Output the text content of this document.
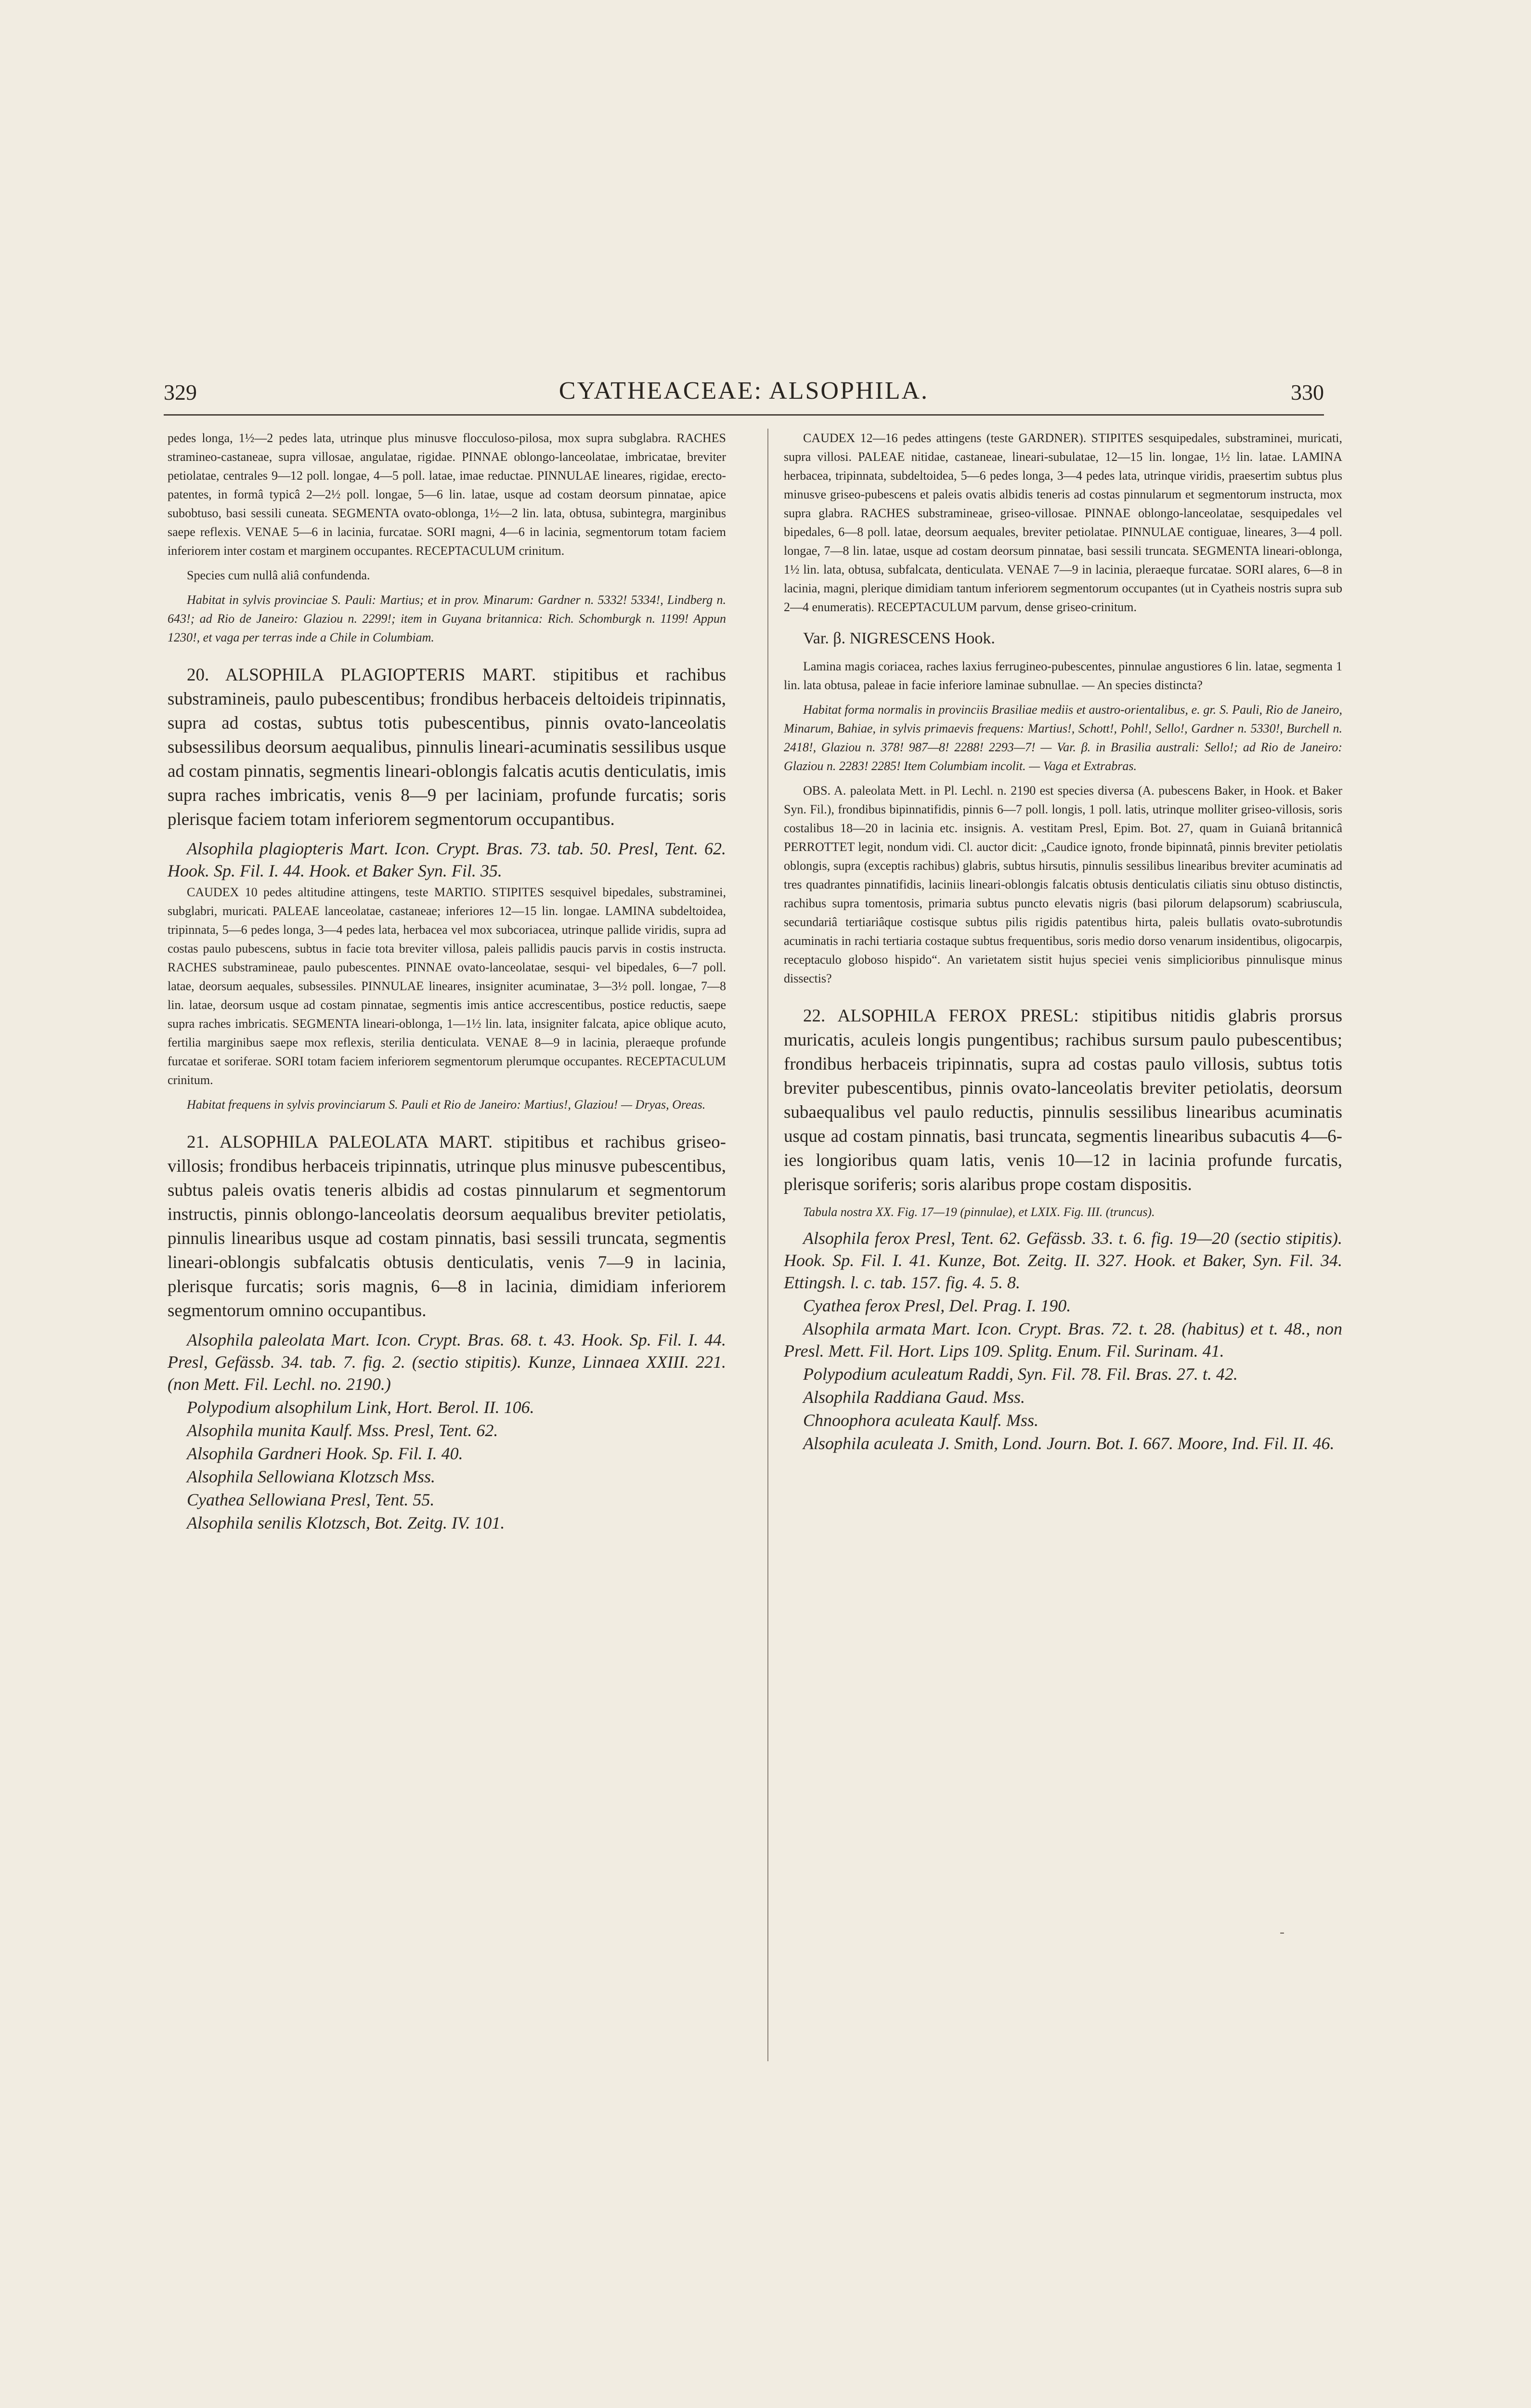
329	CYATHEACEAE: ALSOPHILA.	330

pedes longa, 1½—2 pedes lata, utrinque plus minusve flocculoso-pilosa, mox supra subglabra. RACHES stramineo-castaneae, supra villosae, angulatae, rigidae. PINNAE oblongo-lanceolatae, imbricatae, breviter petiolatae, centrales 9—12 poll. longae, 4—5 poll. latae, imae reductae. PINNULAE lineares, rigidae, erecto-patentes, in formâ typicâ 2—2½ poll. longae, 5—6 lin. latae, usque ad costam deorsum pinnatae, apice subobtuso, basi sessili cuneata. SEGMENTA ovato-oblonga, 1½—2 lin. lata, obtusa, subintegra, marginibus saepe reflexis. VENAE 5—6 in lacinia, furcatae. SORI magni, 4—6 in lacinia, segmentorum totam faciem inferiorem inter costam et marginem occupantes. RECEPTACULUM crinitum.

Species cum nullâ aliâ confundenda.

Habitat in sylvis provinciae S. Pauli: Martius; et in prov. Minarum: Gardner n. 5332! 5334!, Lindberg n. 643!; ad Rio de Janeiro: Glaziou n. 2299!; item in Guyana britannica: Rich. Schomburgk n. 1199! Appun 1230!, et vaga per terras inde a Chile in Columbiam.

20. ALSOPHILA PLAGIOPTERIS MART. stipitibus et rachibus substramineis, paulo pubescentibus; frondibus herbaceis deltoideis tripinnatis, supra ad costas, subtus totis pubescentibus, pinnis ovato-lanceolatis subsessilibus deorsum aequalibus, pinnulis lineari-acuminatis sessilibus usque ad costam pinnatis, segmentis lineari-oblongis falcatis acutis denticulatis, imis supra raches imbricatis, venis 8—9 per laciniam, profunde furcatis; soris plerisque faciem totam inferiorem segmentorum occupantibus.

Alsophila plagiopteris Mart. Icon. Crypt. Bras. 73. tab. 50. Presl, Tent. 62. Hook. Sp. Fil. I. 44. Hook. et Baker Syn. Fil. 35.

CAUDEX 10 pedes altitudine attingens, teste MARTIO. STIPITES sesquivel bipedales, substraminei, subglabri, muricati. PALEAE lanceolatae, castaneae; inferiores 12—15 lin. longae. LAMINA subdeltoidea, tripinnata, 5—6 pedes longa, 3—4 pedes lata, herbacea vel mox subcoriacea, utrinque pallide viridis, supra ad costas paulo pubescens, subtus in facie tota breviter villosa, paleis pallidis paucis parvis in costis instructa. RACHES substramineae, paulo pubescentes. PINNAE ovato-lanceolatae, sesqui- vel bipedales, 6—7 poll. latae, deorsum aequales, subsessiles. PINNULAE lineares, insigniter acuminatae, 3—3½ poll. longae, 7—8 lin. latae, deorsum usque ad costam pinnatae, segmentis imis antice accrescentibus, postice reductis, saepe supra raches imbricatis. SEGMENTA lineari-oblonga, 1—1½ lin. lata, insigniter falcata, apice oblique acuto, fertilia marginibus saepe mox reflexis, sterilia denticulata. VENAE 8—9 in lacinia, pleraeque profunde furcatae et soriferae. SORI totam faciem inferiorem segmentorum plerumque occupantes. RECEPTACULUM crinitum.

Habitat frequens in sylvis provinciarum S. Pauli et Rio de Janeiro: Martius!, Glaziou! — Dryas, Oreas.

21. ALSOPHILA PALEOLATA MART. stipitibus et rachibus griseo-villosis; frondibus herbaceis tripinnatis, utrinque plus minusve pubescentibus, subtus paleis ovatis teneris albidis ad costas pinnularum et segmentorum instructis, pinnis oblongo-lanceolatis deorsum aequalibus breviter petiolatis, pinnulis linearibus usque ad costam pinnatis, basi sessili truncata, segmentis lineari-oblongis subfalcatis obtusis denticulatis, venis 7—9 in lacinia, plerisque furcatis; soris magnis, 6—8 in lacinia, dimidiam inferiorem segmentorum omnino occupantibus.

Alsophila paleolata Mart. Icon. Crypt. Bras. 68. t. 43. Hook. Sp. Fil. I. 44. Presl, Gefässb. 34. tab. 7. fig. 2. (sectio stipitis). Kunze, Linnaea XXIII. 221. (non Mett. Fil. Lechl. no. 2190.)

Polypodium alsophilum Link, Hort. Berol. II. 106.

Alsophila munita Kaulf. Mss. Presl, Tent. 62.

Alsophila Gardneri Hook. Sp. Fil. I. 40.

Alsophila Sellowiana Klotzsch Mss.

Cyathea Sellowiana Presl, Tent. 55.

Alsophila senilis Klotzsch, Bot. Zeitg. IV. 101.

CAUDEX 12—16 pedes attingens (teste GARDNER). STIPITES sesquipedales, substraminei, muricati, supra villosi. PALEAE nitidae, castaneae, lineari-subulatae, 12—15 lin. longae, 1½ lin. latae. LAMINA herbacea, tripinnata, subdeltoidea, 5—6 pedes longa, 3—4 pedes lata, utrinque viridis, praesertim subtus plus minusve griseo-pubescens et paleis ovatis albidis teneris ad costas pinnularum et segmentorum instructa, mox supra glabra. RACHES substramineae, griseo-villosae. PINNAE oblongo-lanceolatae, sesquipedales vel bipedales, 6—8 poll. latae, deorsum aequales, breviter petiolatae. PINNULAE contiguae, lineares, 3—4 poll. longae, 7—8 lin. latae, usque ad costam deorsum pinnatae, basi sessili truncata. SEGMENTA lineari-oblonga, 1½ lin. lata, obtusa, subfalcata, denticulata. VENAE 7—9 in lacinia, pleraeque furcatae. SORI alares, 6—8 in lacinia, magni, plerique dimidiam tantum inferiorem segmentorum occupantes (ut in Cyatheis nostris supra sub 2—4 enumeratis). RECEPTACULUM parvum, dense griseo-crinitum.

Var. β. NIGRESCENS Hook.

Lamina magis coriacea, raches laxius ferrugineo-pubescentes, pinnulae angustiores 6 lin. latae, segmenta 1 lin. lata obtusa, paleae in facie inferiore laminae subnullae. — An species distincta?

Habitat forma normalis in provinciis Brasiliae mediis et austro-orientalibus, e. gr. S. Pauli, Rio de Janeiro, Minarum, Bahiae, in sylvis primaevis frequens: Martius!, Schott!, Pohl!, Sello!, Gardner n. 5330!, Burchell n. 2418!, Glaziou n. 378! 987—8! 2288! 2293—7! — Var. β. in Brasilia australi: Sello!; ad Rio de Janeiro: Glaziou n. 2283! 2285! Item Columbiam incolit. — Vaga et Extrabras.

OBS. A. paleolata Mett. in Pl. Lechl. n. 2190 est species diversa (A. pubescens Baker, in Hook. et Baker Syn. Fil.), frondibus bipinnatifidis, pinnis 6—7 poll. longis, 1 poll. latis, utrinque molliter griseo-villosis, soris costalibus 18—20 in lacinia etc. insignis. A. vestitam Presl, Epim. Bot. 27, quam in Guianâ britannicâ PERROTTET legit, nondum vidi. Cl. auctor dicit: „Caudice ignoto, fronde bipinnatâ, pinnis breviter petiolatis oblongis, supra (exceptis rachibus) glabris, subtus hirsutis, pinnulis sessilibus linearibus breviter acuminatis ad tres quadrantes pinnatifidis, laciniis lineari-oblongis falcatis obtusis denticulatis ciliatis sinu obtuso distinctis, rachibus supra tomentosis, primaria subtus puncto elevatis nigris (basi pilorum delapsorum) scabriusculа, secundariâ tertiariâque costisque subtus pilis rigidis patentibus hirta, paleis bullatis ovato-subrotundis acuminatis in rachi tertiaria costaque subtus frequentibus, soris medio dorso venarum insidentibus, oligocarpis, receptaculo globoso hispido“. An varietatem sistit hujus speciei venis simplicioribus pinnulisque minus dissectis?

22. ALSOPHILA FEROX PRESL: stipitibus nitidis glabris prorsus muricatis, aculeis longis pungentibus; rachibus sursum paulo pubescentibus; frondibus herbaceis tripinnatis, supra ad costas paulo villosis, subtus totis breviter pubescentibus, pinnis ovato-lanceolatis breviter petiolatis, deorsum subaequalibus vel paulo reductis, pinnulis sessilibus linearibus acuminatis usque ad costam pinnatis, basi truncata, segmentis linearibus subacutis 4—6-ies longioribus quam latis, venis 10—12 in lacinia profunde furcatis, plerisque soriferis; soris alaribus prope costam dispositis.

Tabula nostra XX. Fig. 17—19 (pinnulae), et LXIX. Fig. III. (truncus).

Alsophila ferox Presl, Tent. 62. Gefässb. 33. t. 6. fig. 19—20 (sectio stipitis). Hook. Sp. Fil. I. 41. Kunze, Bot. Zeitg. II. 327. Hook. et Baker, Syn. Fil. 34. Ettingsh. l. c. tab. 157. fig. 4. 5. 8.

Cyathea ferox Presl, Del. Prag. I. 190.

Alsophila armata Mart. Icon. Crypt. Bras. 72. t. 28. (habitus) et t. 48., non Presl. Mett. Fil. Hort. Lips 109. Splitg. Enum. Fil. Surinam. 41.

Polypodium aculeatum Raddi, Syn. Fil. 78. Fil. Bras. 27. t. 42.

Alsophila Raddiana Gaud. Mss.

Chnoophora aculeata Kaulf. Mss.

Alsophila aculeata J. Smith, Lond. Journ. Bot. I. 667. Moore, Ind. Fil. II. 46.

-
